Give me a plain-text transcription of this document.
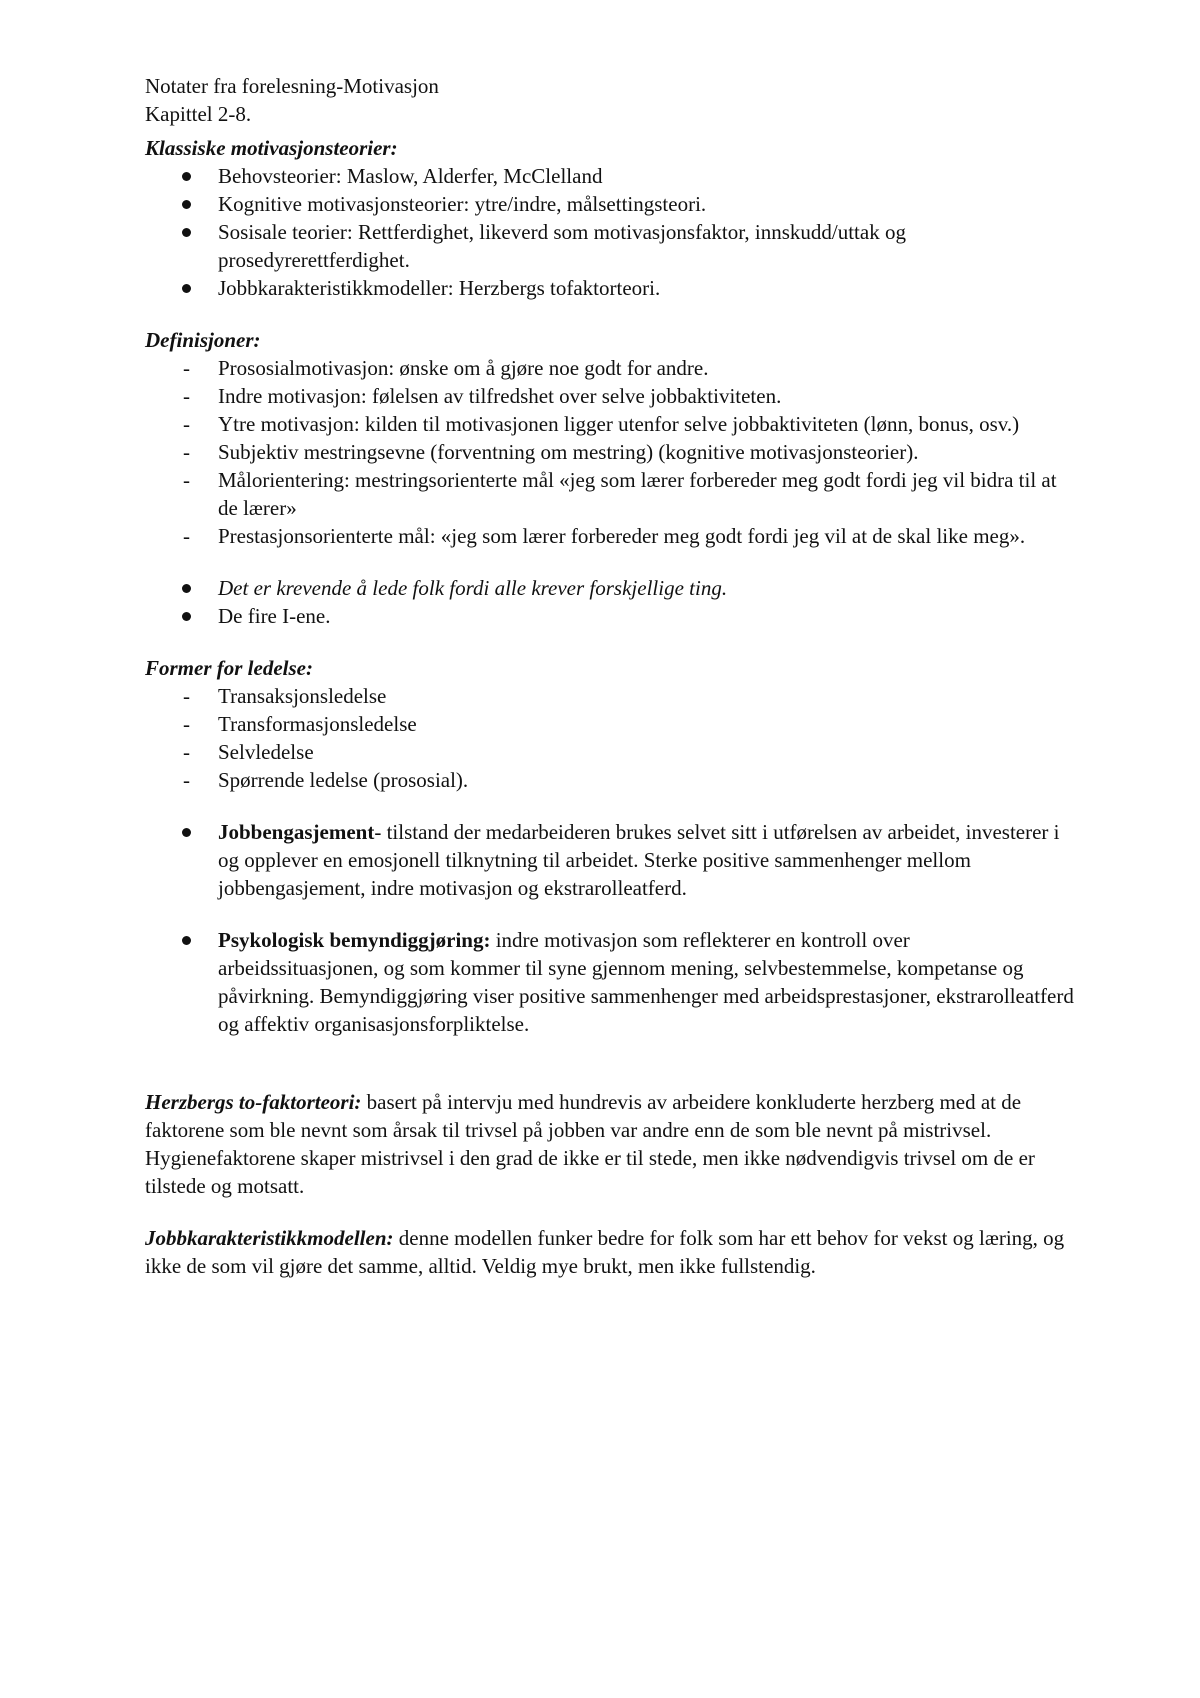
Notater fra forelesning-Motivasjon

Kapittel 2-8.

Klassiske motivasjonsteorier:

Behovsteorier: Maslow, Alderfer, McClelland
Kognitive motivasjonsteorier: ytre/indre, målsettingsteori.
Sosisale teorier: Rettferdighet, likeverd som motivasjonsfaktor, innskudd/uttak og prosedyrerettferdighet.
Jobbkarakteristikkmodeller: Herzbergs tofaktorteori.

Definisjoner:

- Prososialmotivasjon: ønske om å gjøre noe godt for andre.
- Indre motivasjon: følelsen av tilfredshet over selve jobbaktiviteten.
- Ytre motivasjon: kilden til motivasjonen ligger utenfor selve jobbaktiviteten (lønn, bonus, osv.)
- Subjektiv mestringsevne (forventning om mestring) (kognitive motivasjonsteorier).
- Målorientering: mestringsorienterte mål «jeg som lærer forbereder meg godt fordi jeg vil bidra til at de lærer»
- Prestasjonsorienterte mål: «jeg som lærer forbereder meg godt fordi jeg vil at de skal like meg».
Det er krevende å lede folk fordi alle krever forskjellige ting.
De fire I-ene.

Former for ledelse:

- Transaksjonsledelse
- Transformasjonsledelse
- Selvledelse
- Spørrende ledelse (prososial).
Jobbengasjement- tilstand der medarbeideren brukes selvet sitt i utførelsen av arbeidet, investerer i og opplever en emosjonell tilknytning til arbeidet. Sterke positive sammenhenger mellom jobbengasjement, indre motivasjon og ekstrarolleatferd.
Psykologisk bemyndiggjøring: indre motivasjon som reflekterer en kontroll over arbeidssituasjonen, og som kommer til syne gjennom mening, selvbestemmelse, kompetanse og påvirkning. Bemyndiggjøring viser positive sammenhenger med arbeidsprestasjoner, ekstrarolleatferd og affektiv organisasjonsforpliktelse.

Herzbergs to-faktorteori: basert på intervju med hundrevis av arbeidere konkluderte herzberg med at de faktorene som ble nevnt som årsak til trivsel på jobben var andre enn de som ble nevnt på mistrivsel. Hygienefaktorene skaper mistrivsel i den grad de ikke er til stede, men ikke nødvendigvis trivsel om de er tilstede og motsatt.

Jobbkarakteristikkmodellen: denne modellen funker bedre for folk som har ett behov for vekst og læring, og ikke de som vil gjøre det samme, alltid. Veldig mye brukt, men ikke fullstendig.
